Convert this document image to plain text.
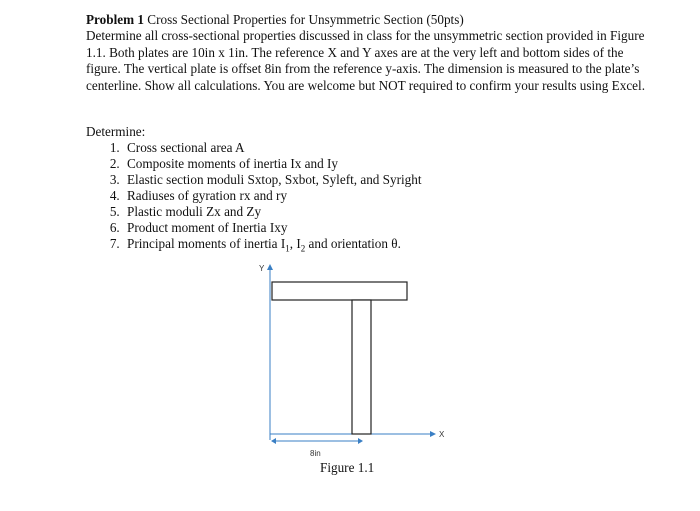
Problem 1 Cross Sectional Properties for Unsymmetric Section (50pts)

Determine all cross-sectional properties discussed in class for the unsymmetric section provided in Figure 1.1. Both plates are 10in x 1in. The reference X and Y axes are at the very left and bottom sides of the figure. The vertical plate is offset 8in from the reference y-axis. The dimension is measured to the plate’s centerline. Show all calculations. You are welcome but NOT required to confirm your results using Excel.

Determine:
1. Cross sectional area A
2. Composite moments of inertia Ix and Iy
3. Elastic section moduli Sxtop, Sxbot, Syleft, and Syright
4. Radiuses of gyration rx and ry
5. Plastic moduli Zx and Zy
6. Product moment of Inertia Ixy
7. Principal moments of inertia $I_1$, $I_2$ and orientation θ.
Y
X
8in
Figure 1.1
